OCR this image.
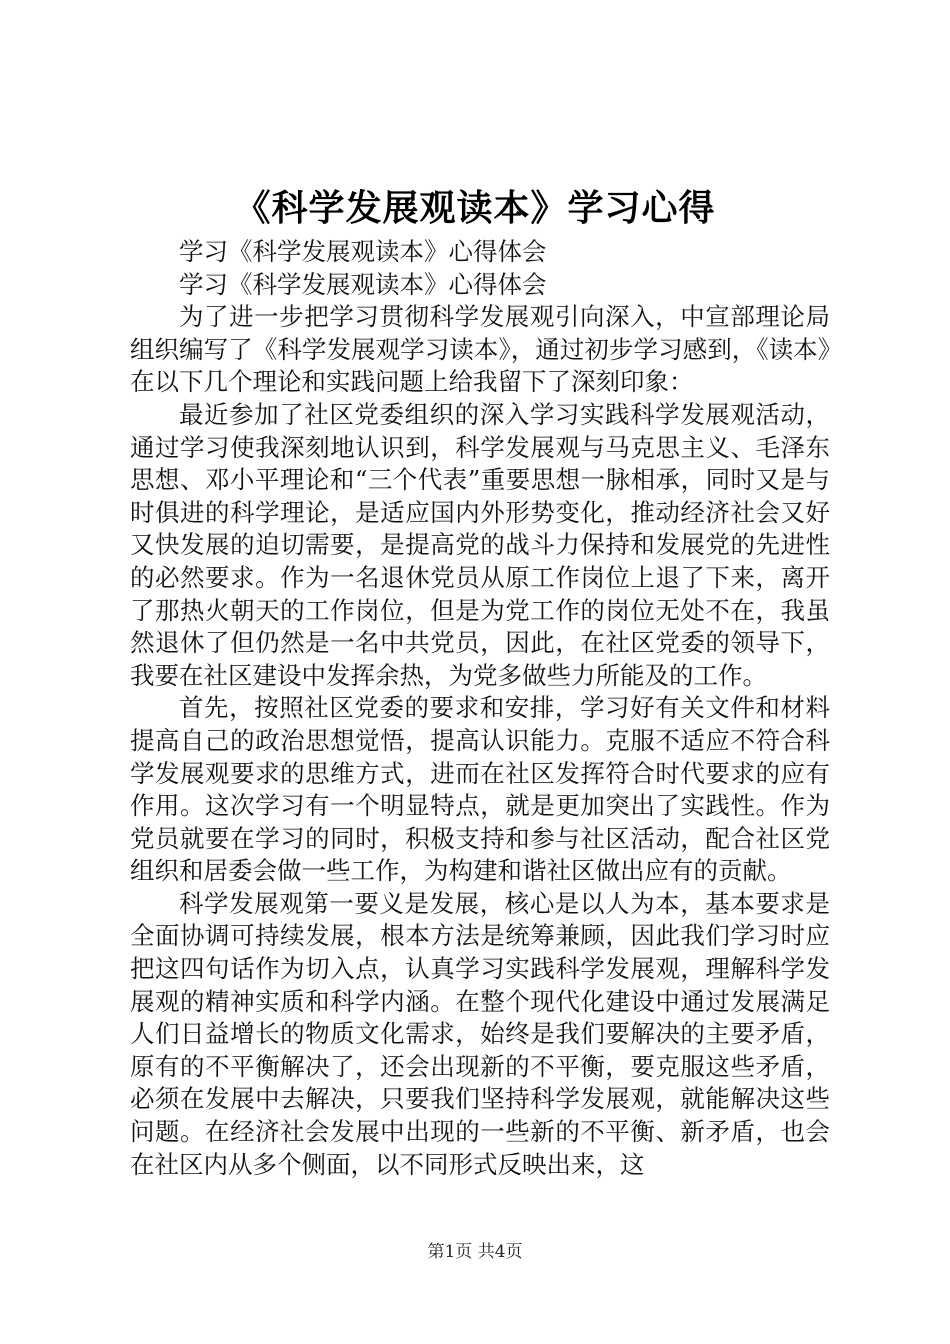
《科学发展观读本》学习心得

学习《科学发展观读本》心得体会

学习《科学发展观读本》心得体会

为了进一步把学习贯彻科学发展观引向深入，中宣部理论局组织编写了《科学发展观学习读本》，通过初步学习感到，《读本》在以下几个理论和实践问题上给我留下了深刻印象：

最近参加了社区党委组织的深入学习实践科学发展观活动，通过学习使我深刻地认识到，科学发展观与马克思主义、毛泽东思想、邓小平理论和“三个代表”重要思想一脉相承，同时又是与时俱进的科学理论，是适应国内外形势变化，推动经济社会又好又快发展的迫切需要，是提高党的战斗力保持和发展党的先进性的必然要求。作为一名退休党员从原工作岗位上退了下来，离开了那热火朝天的工作岗位，但是为党工作的岗位无处不在，我虽然退休了但仍然是一名中共党员，因此，在社区党委的领导下，我要在社区建设中发挥余热，为党多做些力所能及的工作。

首先，按照社区党委的要求和安排，学习好有关文件和材料提高自己的政治思想觉悟，提高认识能力。克服不适应不符合科学发展观要求的思维方式，进而在社区发挥符合时代要求的应有作用。这次学习有一个明显特点，就是更加突出了实践性。作为党员就要在学习的同时，积极支持和参与社区活动，配合社区党组织和居委会做一些工作，为构建和谐社区做出应有的贡献。

科学发展观第一要义是发展，核心是以人为本，基本要求是全面协调可持续发展，根本方法是统筹兼顾，因此我们学习时应把这四句话作为切入点，认真学习实践科学发展观，理解科学发展观的精神实质和科学内涵。在整个现代化建设中通过发展满足人们日益增长的物质文化需求，始终是我们要解决的主要矛盾，原有的不平衡解决了，还会出现新的不平衡，要克服这些矛盾，必须在发展中去解决，只要我们坚持科学发展观，就能解决这些问题。在经济社会发展中出现的一些新的不平衡、新矛盾，也会在社区内从多个侧面，以不同形式反映出来，这

第1页 共4页
